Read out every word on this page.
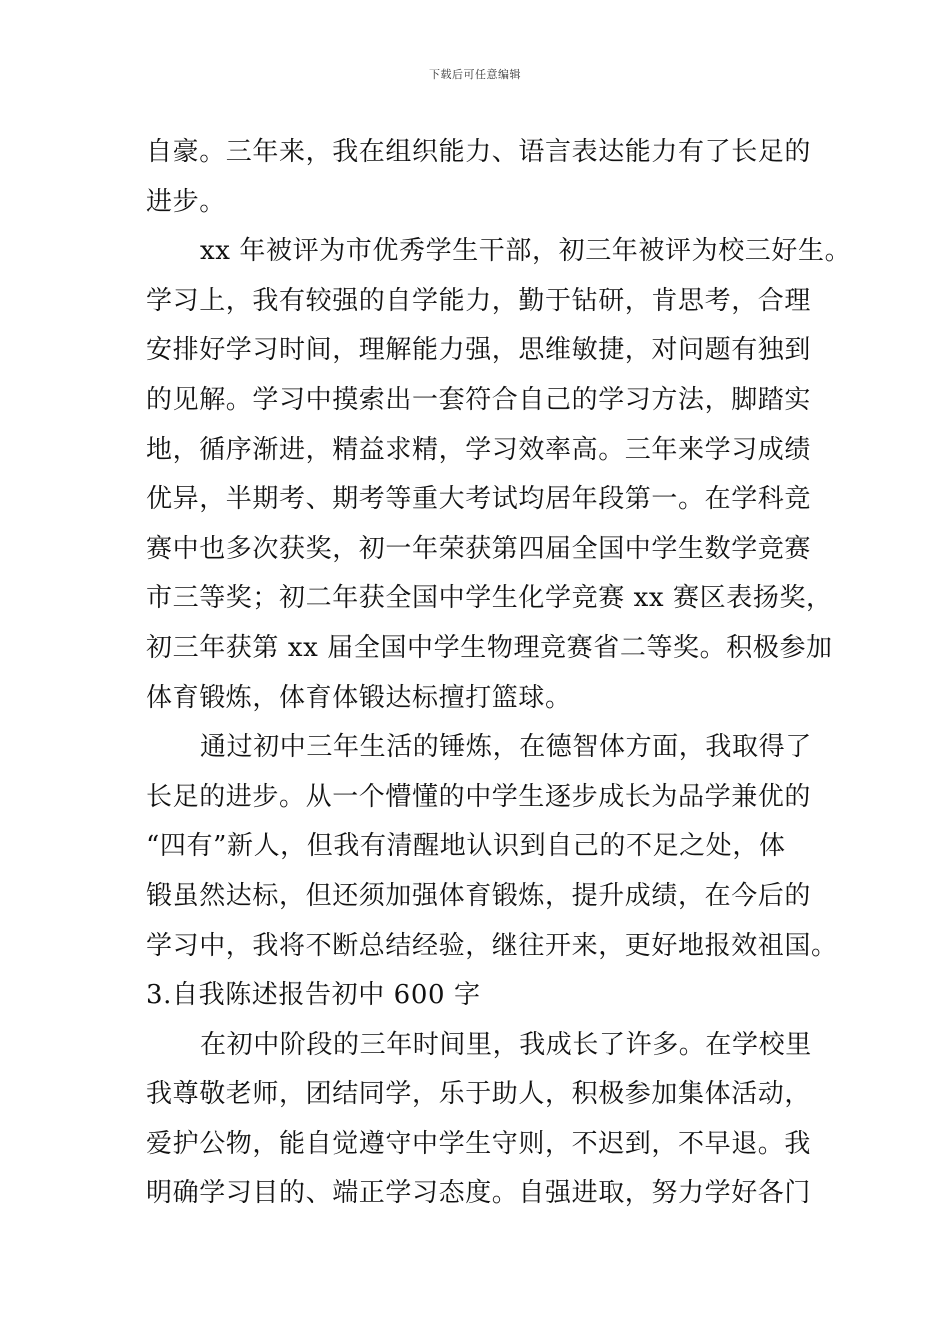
下载后可任意编辑
自豪。三年来，我在组织能力、语言表达能力有了长足的
进步。
xx 年被评为市优秀学生干部，初三年被评为校三好生。
学习上，我有较强的自学能力，勤于钻研，肯思考，合理
安排好学习时间，理解能力强，思维敏捷，对问题有独到
的见解。学习中摸索出一套符合自己的学习方法，脚踏实
地，循序渐进，精益求精，学习效率高。三年来学习成绩
优异，半期考、期考等重大考试均居年段第一。在学科竞
赛中也多次获奖，初一年荣获第四届全国中学生数学竞赛
市三等奖；初二年获全国中学生化学竞赛 xx 赛区表扬奖，
初三年获第 xx 届全国中学生物理竞赛省二等奖。积极参加
体育锻炼，体育体锻达标擅打篮球。
通过初中三年生活的锤炼，在德智体方面，我取得了
长足的进步。从一个懵懂的中学生逐步成长为品学兼优的
“四有”新人，但我有清醒地认识到自己的不足之处，体
锻虽然达标，但还须加强体育锻炼，提升成绩，在今后的
学习中，我将不断总结经验，继往开来，更好地报效祖国。
3.自我陈述报告初中 600 字
在初中阶段的三年时间里，我成长了许多。在学校里
我尊敬老师，团结同学，乐于助人，积极参加集体活动，
爱护公物，能自觉遵守中学生守则，不迟到，不早退。我
明确学习目的、端正学习态度。自强进取，努力学好各门
